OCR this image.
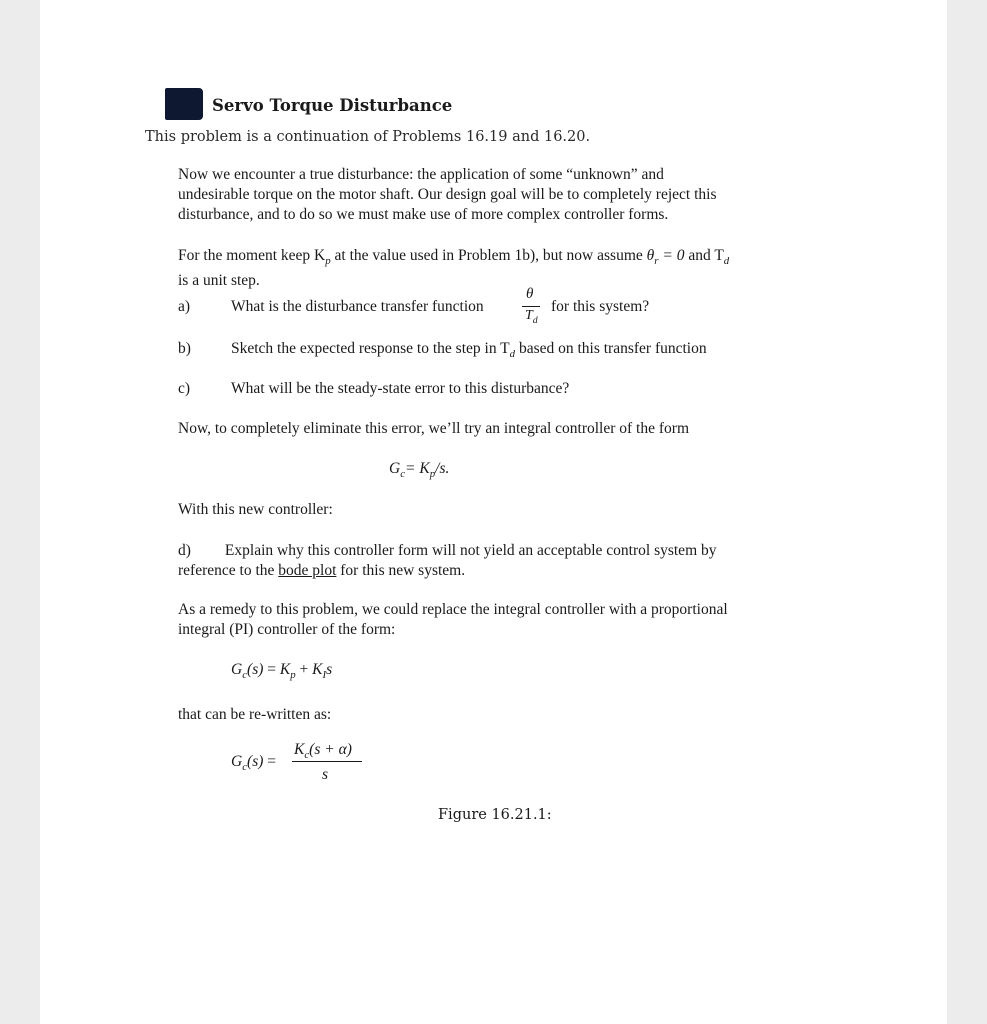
Servo Torque Disturbance
This problem is a continuation of Problems 16.19 and 16.20.
Now we encounter a true disturbance: the application of some “unknown” and
undesirable torque on the motor shaft. Our design goal will be to completely reject this
disturbance, and to do so we must make use of more complex controller forms.
For the moment keep $K_p$ at the value used in Problem 1b), but now assume $\theta_r = 0$ and $T_d$
is a unit step.
a)	What is the disturbance transfer function
θ
$T_d$
for this system?
b)	Sketch the expected response to the step in $T_d$ based on this transfer function
c)	What will be the steady-state error to this disturbance?
Now, to completely eliminate this error, we’ll try an integral controller of the form
$G_c= K_p/s$.
With this new controller:
d) Explain why this controller form will not yield an acceptable control system by
reference to the bode plot for this new system.
As a remedy to this problem, we could replace the integral controller with a proportional
integral (PI) controller of the form:
$G_c(s) = K_p + K_Is$
that can be re-written as:
$G_c(s)$ =
$K_c(s + \alpha)$
s
Figure 16.21.1:
